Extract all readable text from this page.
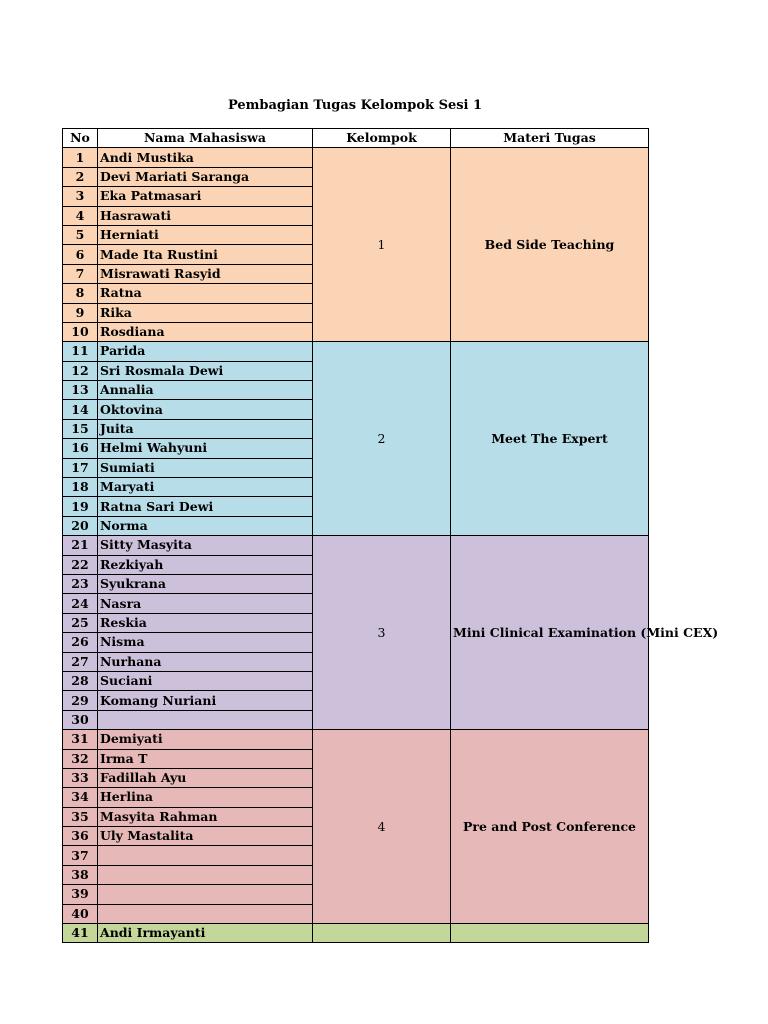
Pembagian Tugas Kelompok Sesi 1
No	Nama Mahasiswa	Kelompok	Materi Tugas
1	Andi Mustika	1	Bed Side Teaching
2	Devi Mariati Saranga		
3	Eka Patmasari		
4	Hasrawati		
5	Herniati		
6	Made Ita Rustini		
7	Misrawati Rasyid		
8	Ratna		
9	Rika		
10	Rosdiana		
11	Parida	2	Meet The Expert
12	Sri Rosmala Dewi		
13	Annalia		
14	Oktovina		
15	Juita		
16	Helmi Wahyuni		
17	Sumiati		
18	Maryati		
19	Ratna Sari Dewi		
20	Norma		
21	Sitty Masyita	3	Mini Clinical Examination (Mini CEX)
22	Rezkiyah		
23	Syukrana		
24	Nasra		
25	Reskia		
26	Nisma		
27	Nurhana		
28	Suciani		
29	Komang Nuriani		
30			
31	Demiyati	4	Pre and Post Conference
32	Irma T		
33	Fadillah Ayu		
34	Herlina		
35	Masyita Rahman		
36	Uly Mastalita		
37			
38			
39			
40			
41	Andi Irmayanti		
